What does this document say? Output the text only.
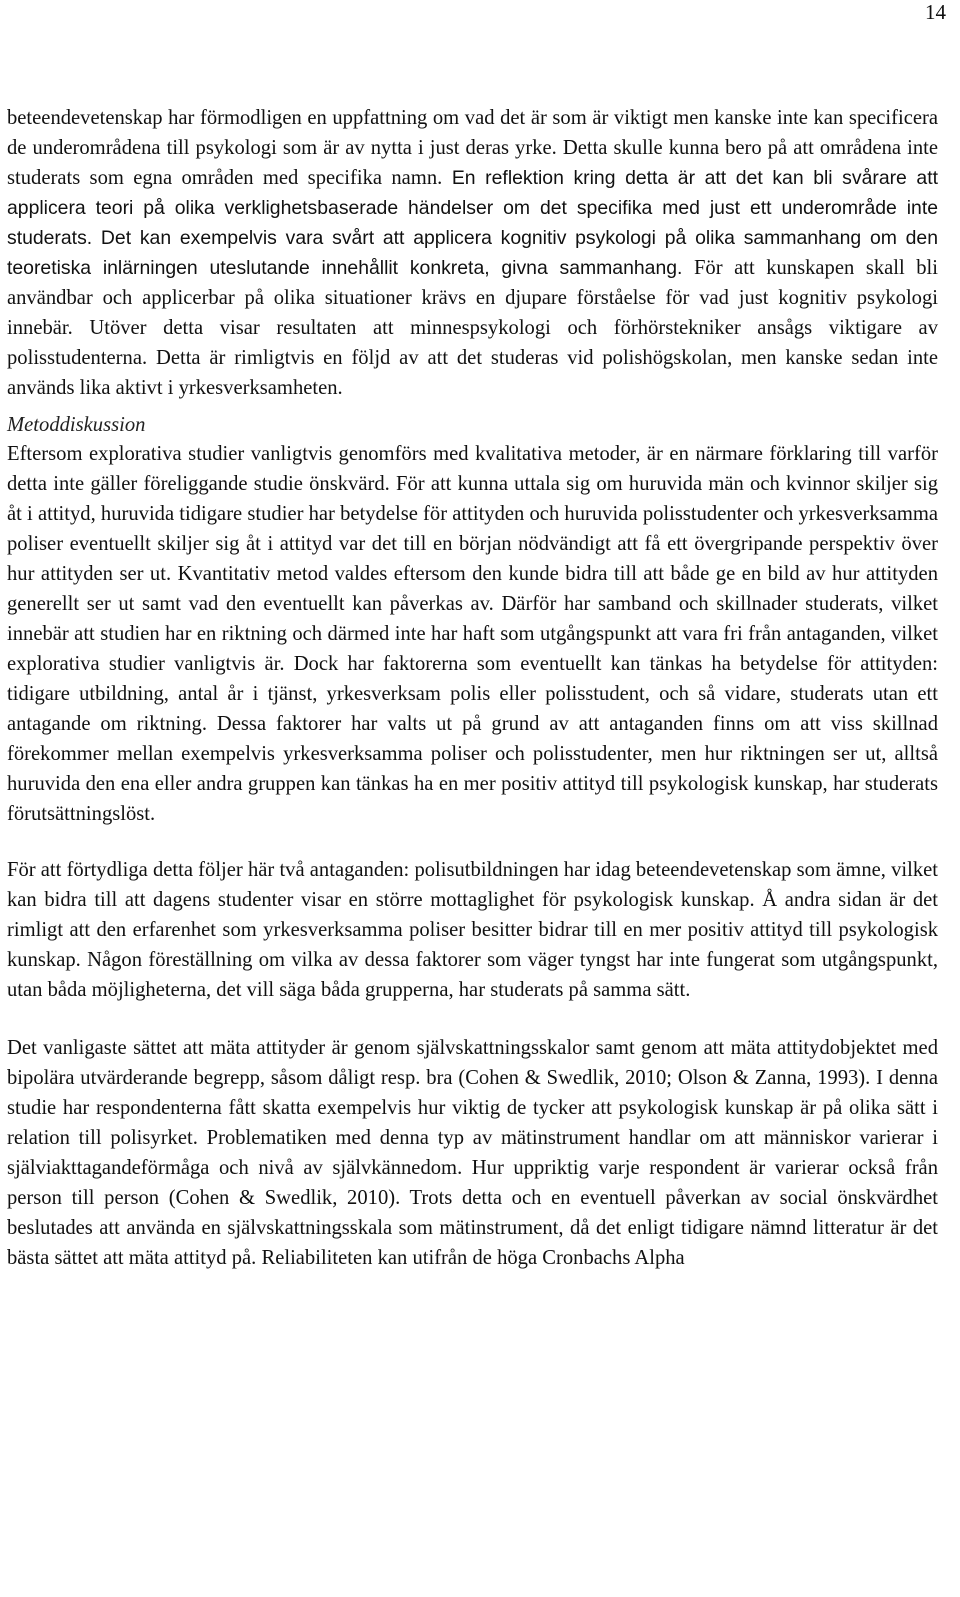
14

beteendevetenskap har förmodligen en uppfattning om vad det är som är viktigt men kanske inte kan specificera de underområdena till psykologi som är av nytta i just deras yrke. Detta skulle kunna bero på att områdena inte studerats som egna områden med specifika namn. En reflektion kring detta är att det kan bli svårare att applicera teori på olika verklighetsbaserade händelser om det specifika med just ett underområde inte studerats. Det kan exempelvis vara svårt att applicera kognitiv psykologi på olika sammanhang om den teoretiska inlärningen uteslutande innehållit konkreta, givna sammanhang. För att kunskapen skall bli användbar och applicerbar på olika situationer krävs en djupare förståelse för vad just kognitiv psykologi innebär. Utöver detta visar resultaten att minnespsykologi och förhörstekniker ansågs viktigare av polisstudenterna. Detta är rimligtvis en följd av att det studeras vid polishögskolan, men kanske sedan inte används lika aktivt i yrkesverksamheten.

Metoddiskussion

Eftersom explorativa studier vanligtvis genomförs med kvalitativa metoder, är en närmare förklaring till varför detta inte gäller föreliggande studie önskvärd. För att kunna uttala sig om huruvida män och kvinnor skiljer sig åt i attityd, huruvida tidigare studier har betydelse för attityden och huruvida polisstudenter och yrkesverksamma poliser eventuellt skiljer sig åt i attityd var det till en början nödvändigt att få ett övergripande perspektiv över hur attityden ser ut. Kvantitativ metod valdes eftersom den kunde bidra till att både ge en bild av hur attityden generellt ser ut samt vad den eventuellt kan påverkas av. Därför har samband och skillnader studerats, vilket innebär att studien har en riktning och därmed inte har haft som utgångspunkt att vara fri från antaganden, vilket explorativa studier vanligtvis är. Dock har faktorerna som eventuellt kan tänkas ha betydelse för attityden: tidigare utbildning, antal år i tjänst, yrkesverksam polis eller polisstudent, och så vidare, studerats utan ett antagande om riktning. Dessa faktorer har valts ut på grund av att antaganden finns om att viss skillnad förekommer mellan exempelvis yrkesverksamma poliser och polisstudenter, men hur riktningen ser ut, alltså huruvida den ena eller andra gruppen kan tänkas ha en mer positiv attityd till psykologisk kunskap, har studerats förutsättningslöst.

För att förtydliga detta följer här två antaganden: polisutbildningen har idag beteendevetenskap som ämne, vilket kan bidra till att dagens studenter visar en större mottaglighet för psykologisk kunskap. Å andra sidan är det rimligt att den erfarenhet som yrkesverksamma poliser besitter bidrar till en mer positiv attityd till psykologisk kunskap. Någon föreställning om vilka av dessa faktorer som väger tyngst har inte fungerat som utgångspunkt, utan båda möjligheterna, det vill säga båda grupperna, har studerats på samma sätt.

Det vanligaste sättet att mäta attityder är genom självskattningsskalor samt genom att mäta attitydobjektet med bipolära utvärderande begrepp, såsom dåligt resp. bra (Cohen & Swedlik, 2010; Olson & Zanna, 1993). I denna studie har respondenterna fått skatta exempelvis hur viktig de tycker att psykologisk kunskap är på olika sätt i relation till polisyrket. Problematiken med denna typ av mätinstrument handlar om att människor varierar i själviakttagandeförmåga och nivå av självkännedom. Hur uppriktig varje respondent är varierar också från person till person (Cohen & Swedlik, 2010). Trots detta och en eventuell påverkan av social önskvärdhet beslutades att använda en självskattningsskala som mätinstrument, då det enligt tidigare nämnd litteratur är det bästa sättet att mäta attityd på. Reliabiliteten kan utifrån de höga Cronbachs Alpha
